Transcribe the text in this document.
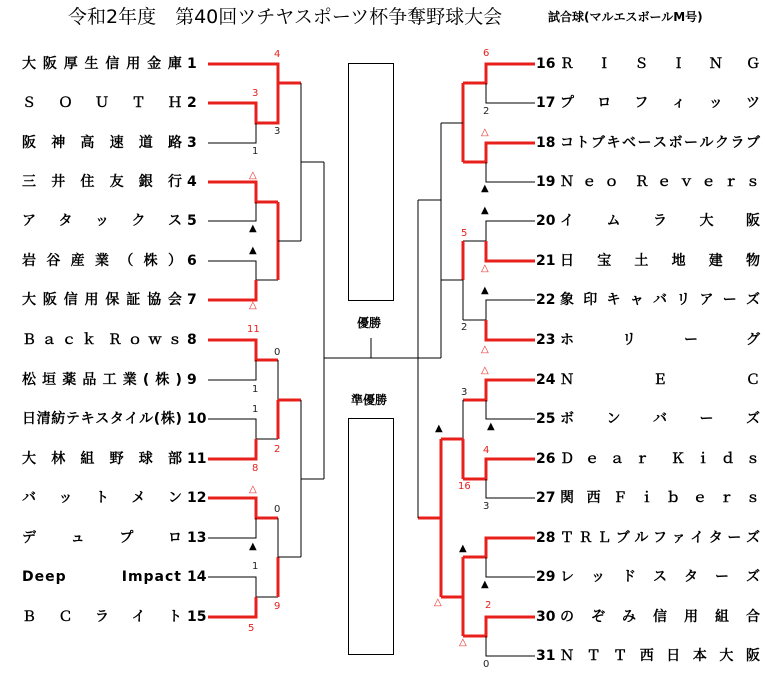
令和2年度　第40回ツチヤスポーツ杯争奪野球大会	試合球(マルエスボールM号)
優勝
準優勝
大 阪 厚 生 信 用 金 庫 1
Ｓ Ｏ Ｕ Ｔ Ｈ 2
阪 神 高 速 道 路 3
三 井 住 友 銀 行 4
ア タ ッ ク ス 5
岩 谷 産 業 （ 株 ） 6
大 阪 信 用 保 証 協 会 7
Ｂ ａ ｃ ｋ Ｒ ｏ ｗ ｓ 8
松 垣 薬 品 工 業 ( 株 ) 9
日 清 紡 テ キ ス タ イ ル ( 株 ) 10
大 林 組 野 球 部 11
バ ッ ト メ ン 12
デ ュ プ ロ 13
Deep Impact 14
Ｂ Ｃ ラ イ ト 15
Ｒ Ｉ Ｓ Ｉ Ｎ Ｇ
16
プ ロ フ ィ ッ ツ
17
コ ト ブ キ ベ ー ス ボ ー ル ク ラ ブ
18
Ｎ ｅ ｏ Ｒ ｅ ｖ ｅ ｒ ｓ
19
イ ム ラ 大 阪
20
日 宝 土 地 建 物
21
象 印 キ ャ バ リ ア ー ズ
22
ホ	リ	ー	グ
23
Ｎ	Ｅ	Ｃ
24
ボ ン バ ー ズ
25
Ｄ ｅ ａ ｒ Ｋ ｉ ｄ ｓ
26
関 西 Ｆ ｉ ｂ ｅ ｒ ｓ
27
Ｔ Ｒ Ｌ ブ ル フ ァ イ タ ー ズ
28
レ ッ ド ス タ ー ズ
29
の ぞ み 信 用 組 合
30
Ｎ Ｔ Ｔ 西 日 本 大 阪
31
4
3
3
1
11
0
1
1
8
2
0
1
9
5
6
2
5
2
3
4
16
3
2
0
△
▲
▲
△
△
▲
△
▲
▲
△
▲
△
△
▲
▲
▲
▲
△
△
